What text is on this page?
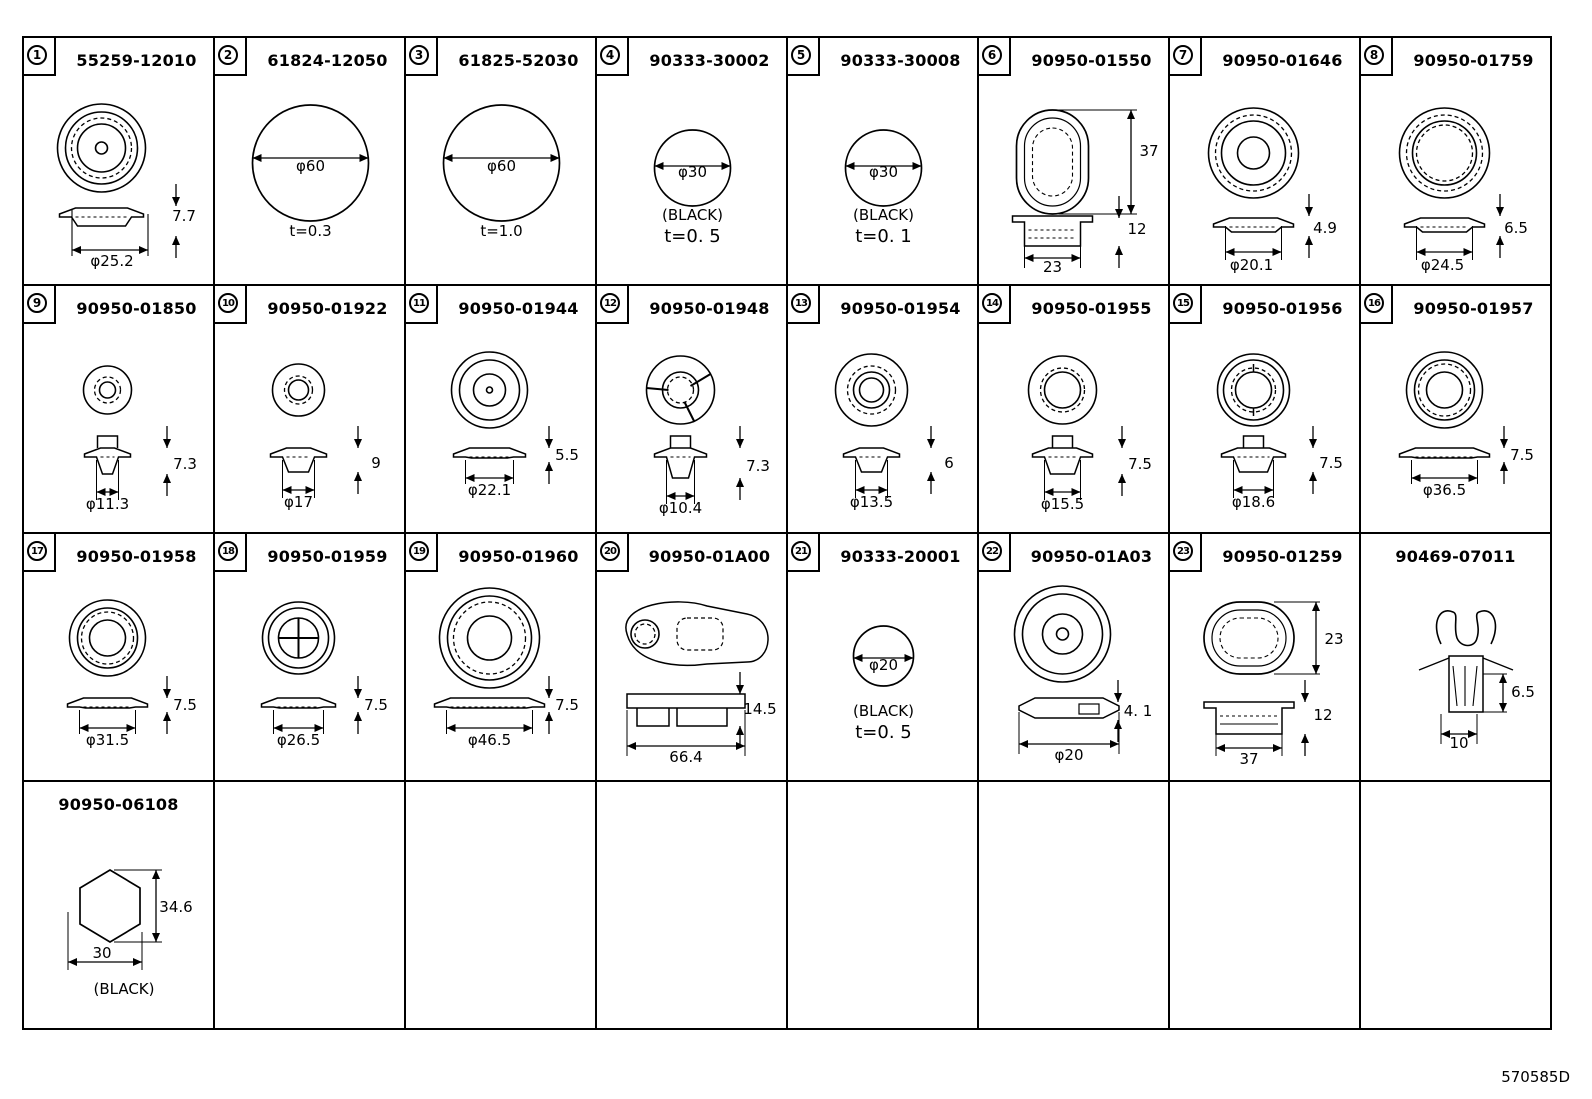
1	55259-12010
7.7
φ25.2
2	61824-12050
φ60
t=0.3
3	61825-52030
φ60
t=1.0
4	90333-30002
φ30
(BLACK)
t=0. 5
5	90333-30008
φ30
(BLACK)
t=0. 1
6	90950-01550
37
12
23
7	90950-01646
4.9
φ20.1
8	90950-01759
6.5
φ24.5
9	90950-01850
7.3
φ11.3
10	90950-01922
9
φ17
11	90950-01944
5.5
φ22.1
12	90950-01948
7.3
φ10.4
13	90950-01954
6
φ13.5
14	90950-01955
7.5
φ15.5
15	90950-01956
7.5
φ18.6
16	90950-01957
7.5
φ36.5
17	90950-01958
7.5
φ31.5
18	90950-01959
7.5
φ26.5
19	90950-01960
7.5
φ46.5
20	90950-01A00
14.5
66.4
21	90333-20001
φ20
(BLACK)
t=0. 5
22	90950-01A03
4. 1
φ20
23	90950-01259
23
12
37
90469-07011
6.5
10
90950-06108
34.6
30
(BLACK)
570585D
